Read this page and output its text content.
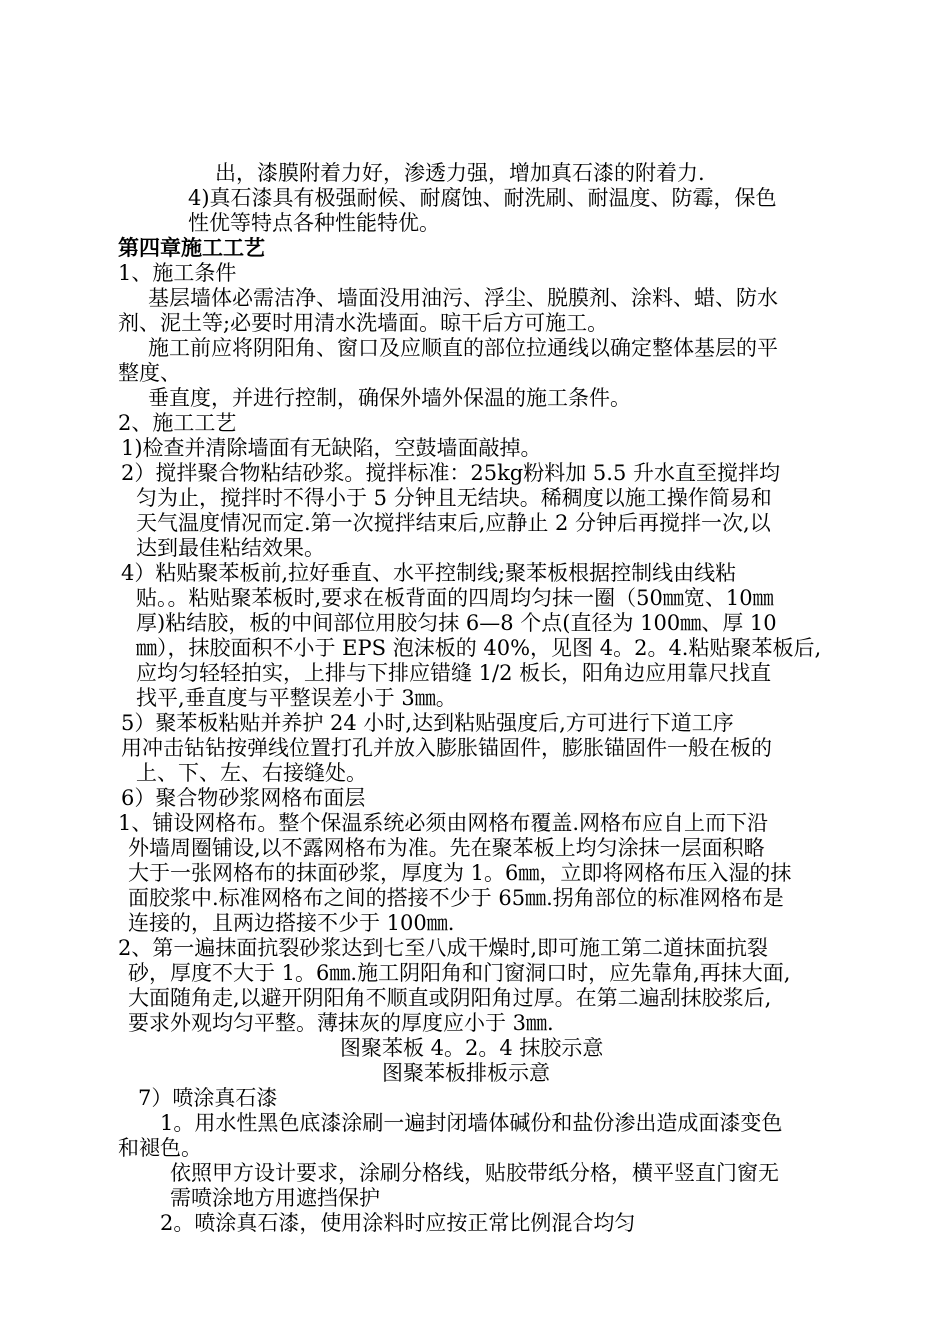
出，漆膜附着力好，渗透力强，增加真石漆的附着力.
4)真石漆具有极强耐候、耐腐蚀、耐洗刷、耐温度、防霉，保色
性优等特点各种性能特优。
第四章施工工艺
1、施工条件
基层墙体必需洁净、墙面没用油污、浮尘、脱膜剂、涂料、蜡、防水
剂、泥土等;必要时用清水洗墙面。晾干后方可施工。
施工前应将阴阳角、窗口及应顺直的部位拉通线以确定整体基层的平
整度、
垂直度，并进行控制，确保外墙外保温的施工条件。
2、施工工艺
1)检查并清除墙面有无缺陷，空鼓墙面敲掉。
2）搅拌聚合物粘结砂浆。搅拌标准：25kg粉料加 5.5 升水直至搅拌均
匀为止，搅拌时不得小于 5 分钟且无结块。稀稠度以施工操作简易和
天气温度情况而定.第一次搅拌结束后,应静止 2 分钟后再搅拌一次,以
达到最佳粘结效果。
4）粘贴聚苯板前,拉好垂直、水平控制线;聚苯板根据控制线由线粘
贴。。粘贴聚苯板时,要求在板背面的四周均匀抹一圈（50㎜宽、10㎜
厚)粘结胶，板的中间部位用胶匀抹 6—8 个点(直径为 100㎜、厚 10
㎜），抹胶面积不小于 EPS 泡沫板的 40%，见图 4。2。4.粘贴聚苯板后,
应均匀轻轻拍实，上排与下排应错缝 1/2 板长，阳角边应用靠尺找直
找平,垂直度与平整误差小于 3㎜。
5）聚苯板粘贴并养护 24 小时,达到粘贴强度后,方可进行下道工序
用冲击钻钻按弹线位置打孔并放入膨胀锚固件，膨胀锚固件一般在板的
上、下、左、右接缝处。
6）聚合物砂浆网格布面层
1、铺设网格布。整个保温系统必须由网格布覆盖.网格布应自上而下沿
外墙周圈铺设,以不露网格布为准。先在聚苯板上均匀涂抹一层面积略
大于一张网格布的抹面砂浆，厚度为 1。6㎜，立即将网格布压入湿的抹
面胶浆中.标准网格布之间的搭接不少于 65㎜.拐角部位的标准网格布是
连接的，且两边搭接不少于 100㎜.
2、第一遍抹面抗裂砂浆达到七至八成干燥时,即可施工第二道抹面抗裂
砂，厚度不大于 1。6㎜.施工阴阳角和门窗洞口时，应先靠角,再抹大面,
大面随角走,以避开阴阳角不顺直或阴阳角过厚。在第二遍刮抹胶浆后,
要求外观均匀平整。薄抹灰的厚度应小于 3㎜.
图聚苯板 4。2。4 抹胶示意
图聚苯板排板示意
7）喷涂真石漆
1。用水性黑色底漆涂刷一遍封闭墙体碱份和盐份渗出造成面漆变色
和褪色。
依照甲方设计要求，涂刷分格线，贴胶带纸分格，横平竖直门窗无
需喷涂地方用遮挡保护
2。喷涂真石漆，使用涂料时应按正常比例混合均匀
